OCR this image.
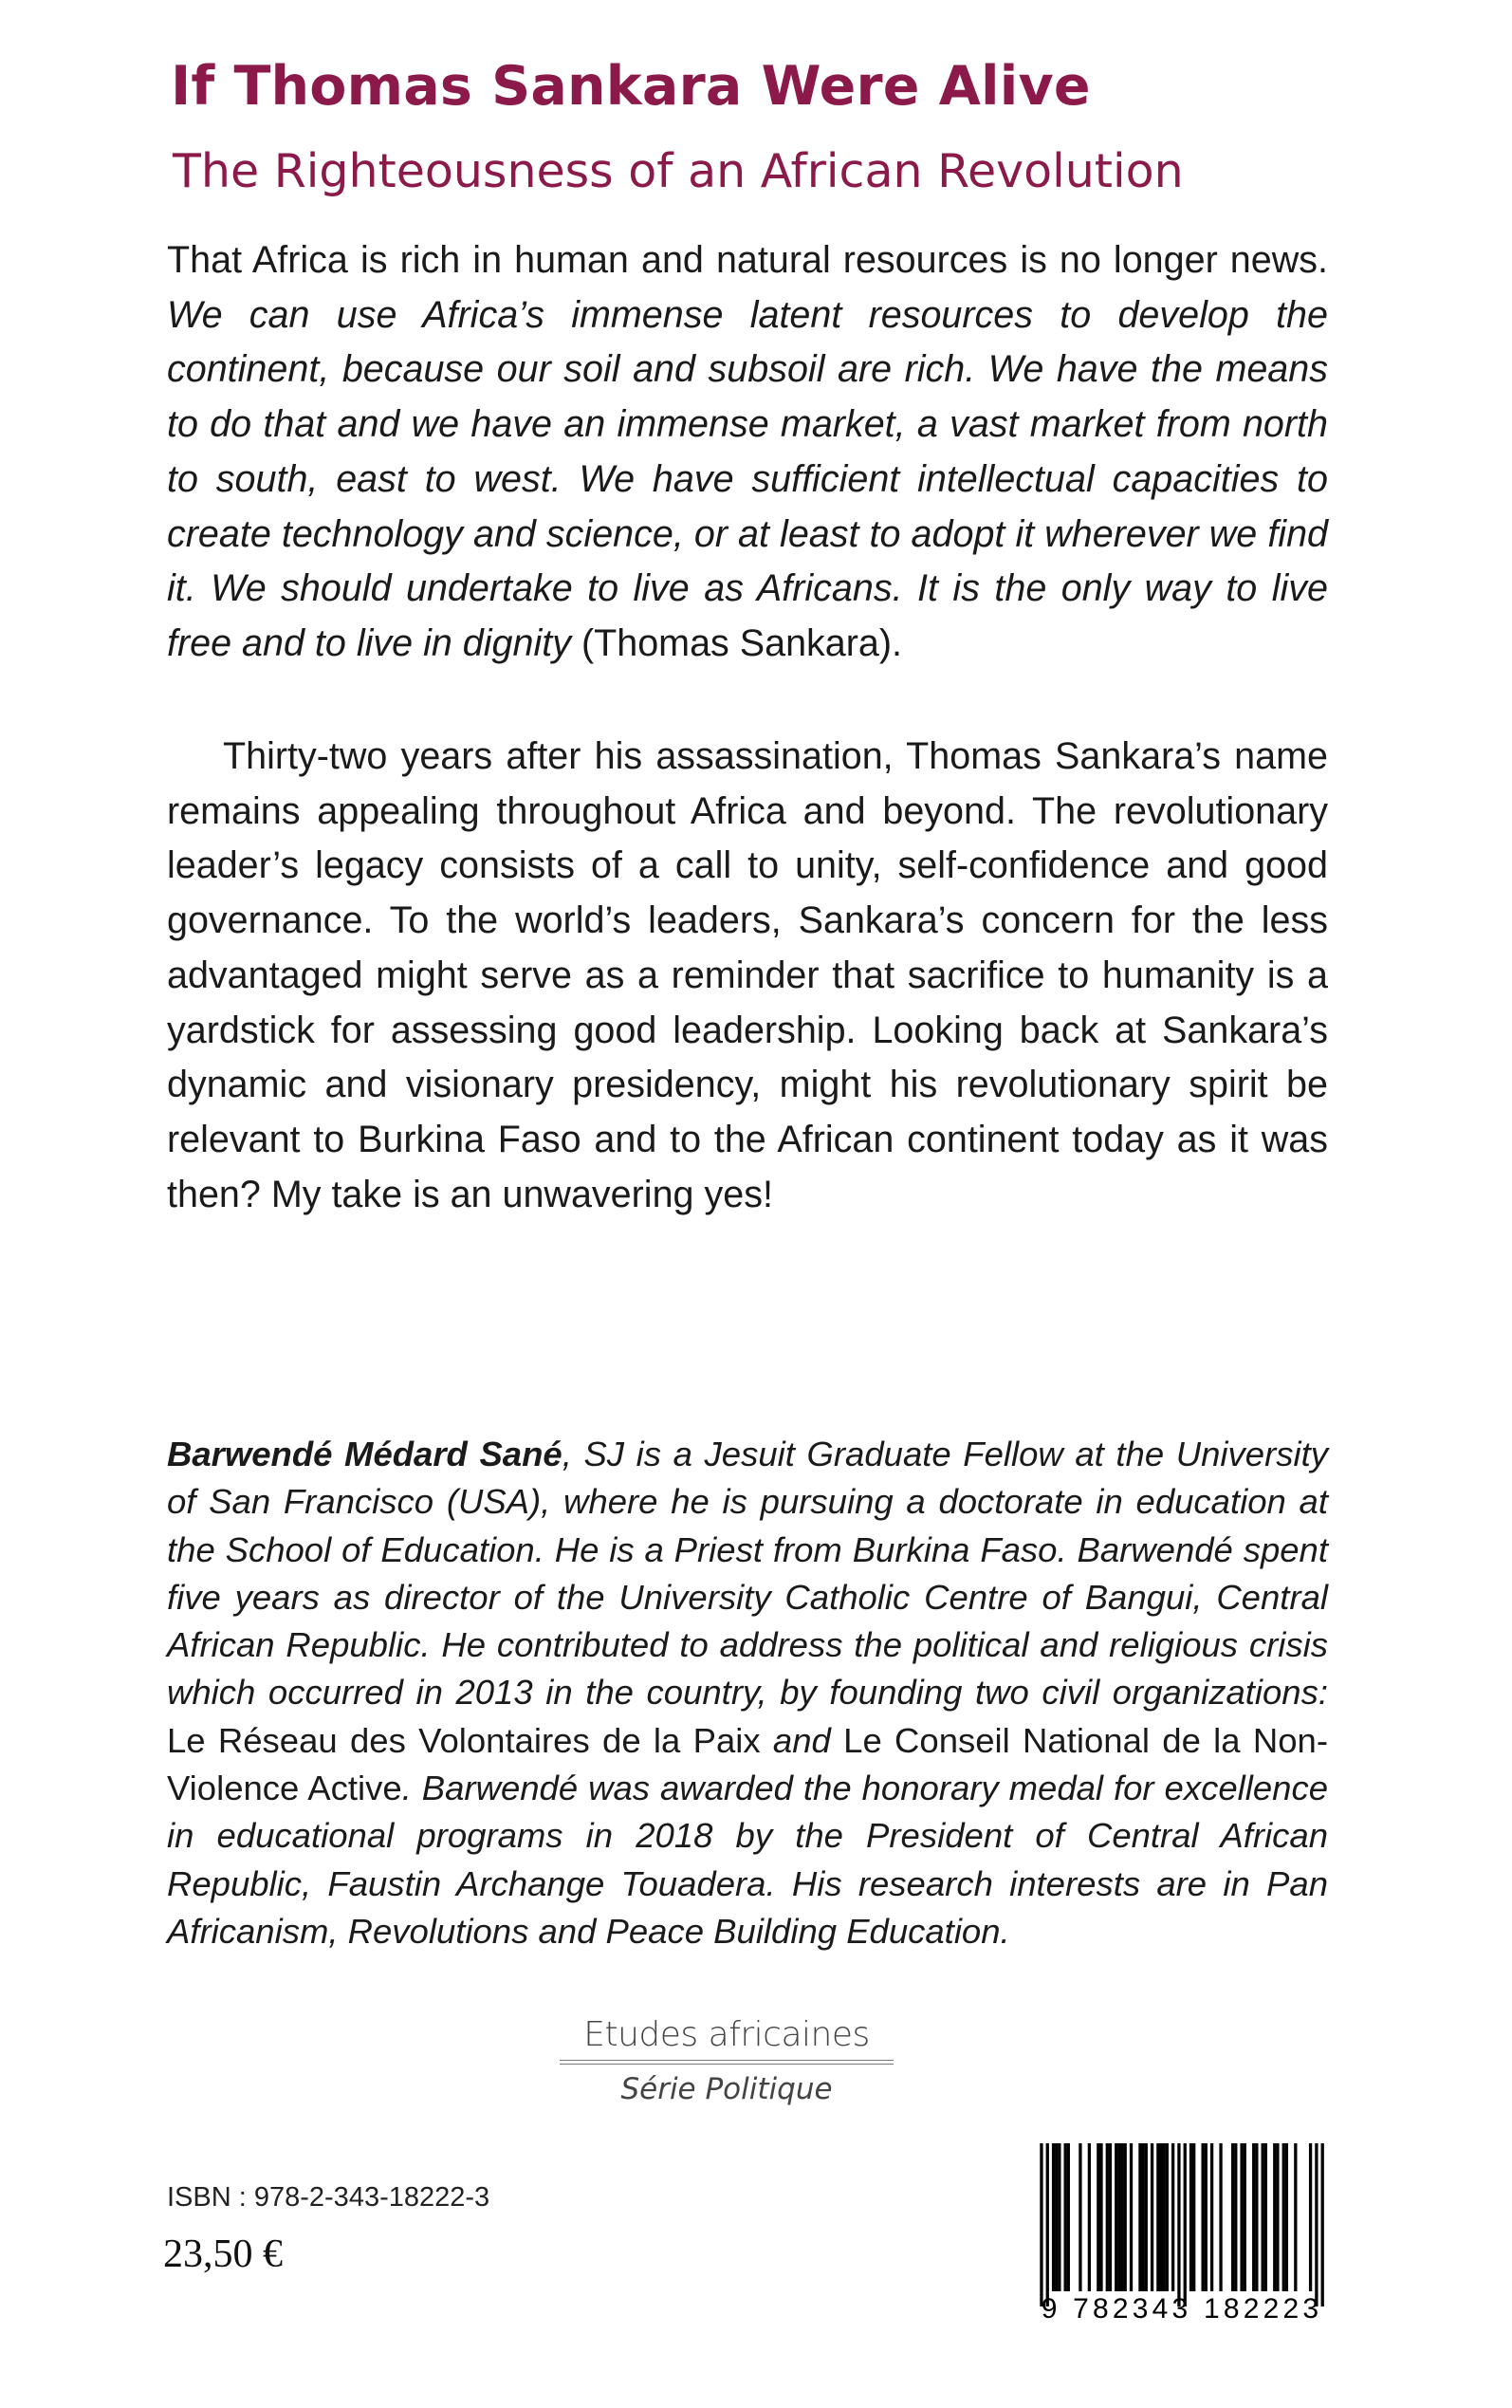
If Thomas Sankara Were Alive
The Righteousness of an African Revolution

That Africa is rich in human and natural resources is no longer news. We can use Africa’s immense latent resources to develop the continent, because our soil and subsoil are rich. We have the means to do that and we have an immense market, a vast market from north to south, east to west. We have sufficient intellectual capacities to create technology and science, or at least to adopt it wherever we find it. We should undertake to live as Africans. It is the only way to live free and to live in dignity (Thomas Sankara).

Thirty-two years after his assassination, Thomas Sankara’s name remains appealing throughout Africa and beyond. The revolutionary leader’s legacy consists of a call to unity, self-confidence and good governance. To the world’s leaders, Sankara’s concern for the less advantaged might serve as a reminder that sacrifice to humanity is a yardstick for assessing good leadership. Looking back at Sankara’s dynamic and visionary presidency, might his revolutionary spirit be relevant to Burkina Faso and to the African continent today as it was then? My take is an unwavering yes!

Barwendé Médard Sané, SJ is a Jesuit Graduate Fellow at the University of San Francisco (USA), where he is pursuing a doctorate in education at the School of Education. He is a Priest from Burkina Faso. Barwendé spent five years as director of the University Catholic Centre of Bangui, Central African Republic. He contributed to address the political and religious crisis which occurred in 2013 in the country, by founding two civil organizations: Le Réseau des Volontaires de la Paix and Le Conseil National de la Non-Violence Active. Barwendé was awarded the honorary medal for excellence in educational programs in 2018 by the President of Central African Republic, Faustin Archange Touadera. His research interests are in Pan Africanism, Revolutions and Peace Building Education.
Etudes africaines
Série Politique
ISBN : 978-2-343-18222-3
23,50 €
9 782343 182223
